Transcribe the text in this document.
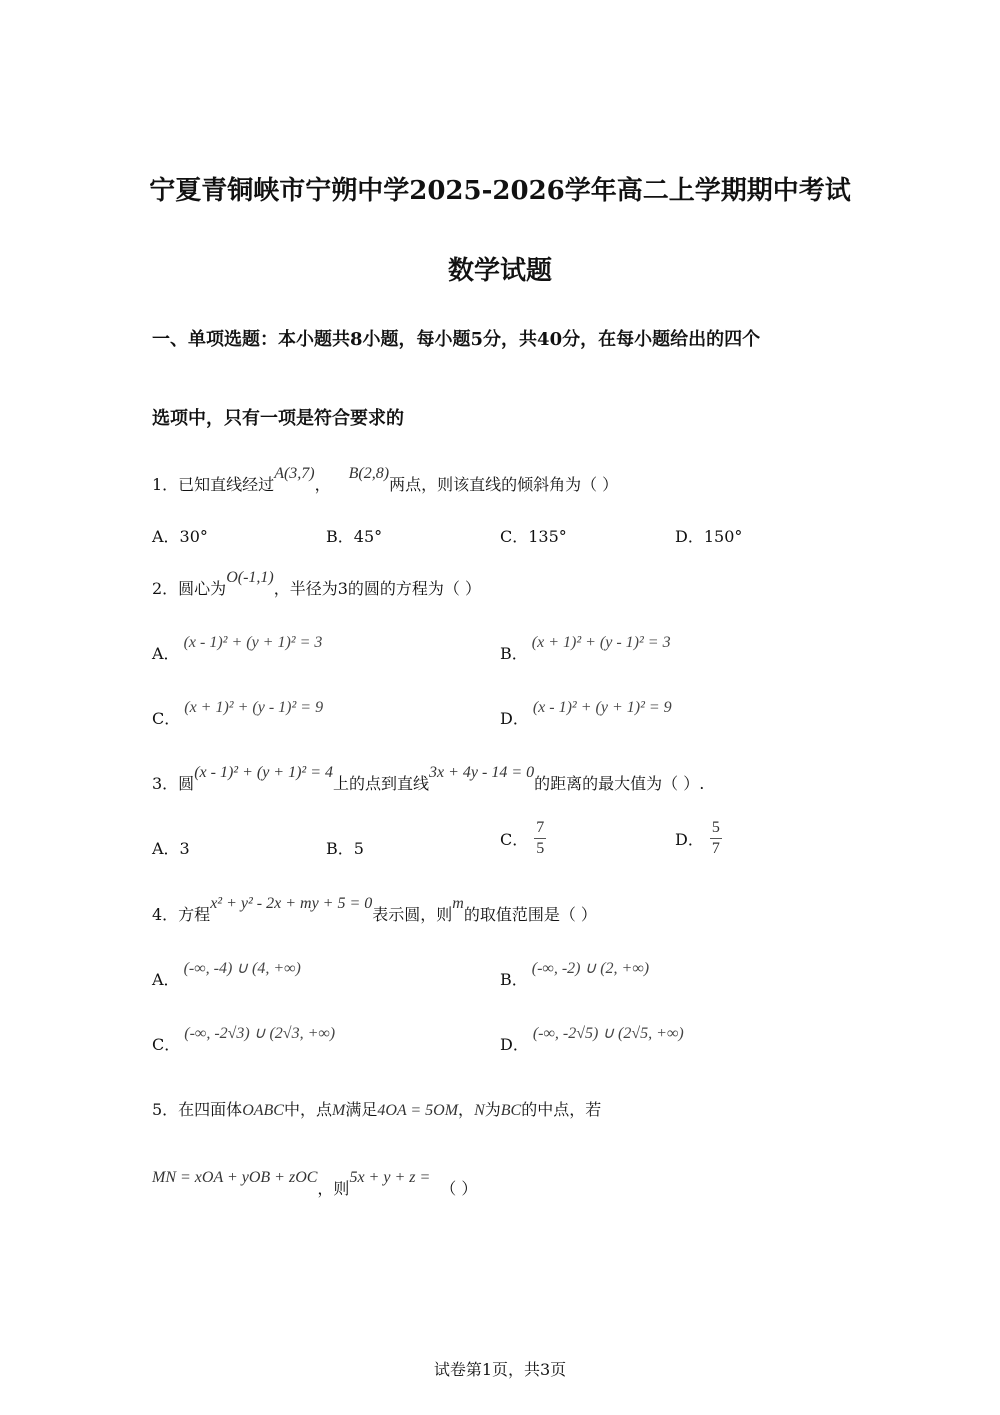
宁夏青铜峡市宁朔中学2025-2026学年高二上学期期中考试
数学试题
一、单项选题：本小题共8小题，每小题5分，共40分，在每小题给出的四个
选项中，只有一项是符合要求的
1．已知直线经过A(3,7)，B(2,8)两点，则该直线的倾斜角为（ ）
A．30°	B．45°	C．135°	D．150°
2．圆心为O(-1,1)，半径为3的圆的方程为（ ）
A．(x - 1)² + (y + 1)² = 3
B．(x + 1)² + (y - 1)² = 3
C．(x + 1)² + (y - 1)² = 9
D．(x - 1)² + (y + 1)² = 9
3．圆(x - 1)² + (y + 1)² = 4上的点到直线3x + 4y - 14 = 0的距离的最大值为（ ）.
A．3	B．5	C． $\frac{7}{5}$	D． $\frac{5}{7}$
4．方程x² + y² - 2x + my + 5 = 0表示圆，则m的取值范围是（ ）
A．(-∞, -4) ∪ (4, +∞)
B．(-∞, -2) ∪ (2, +∞)
C．(-∞, -2√3) ∪ (2√3, +∞)
D．(-∞, -2√5) ∪ (2√5, +∞)
5．在四面体OABC中，点M满足4OA = 5OM，N为BC的中点，若
MN = xOA + yOB + zOC，则5x + y + z =（ ）
试卷第1页，共3页
